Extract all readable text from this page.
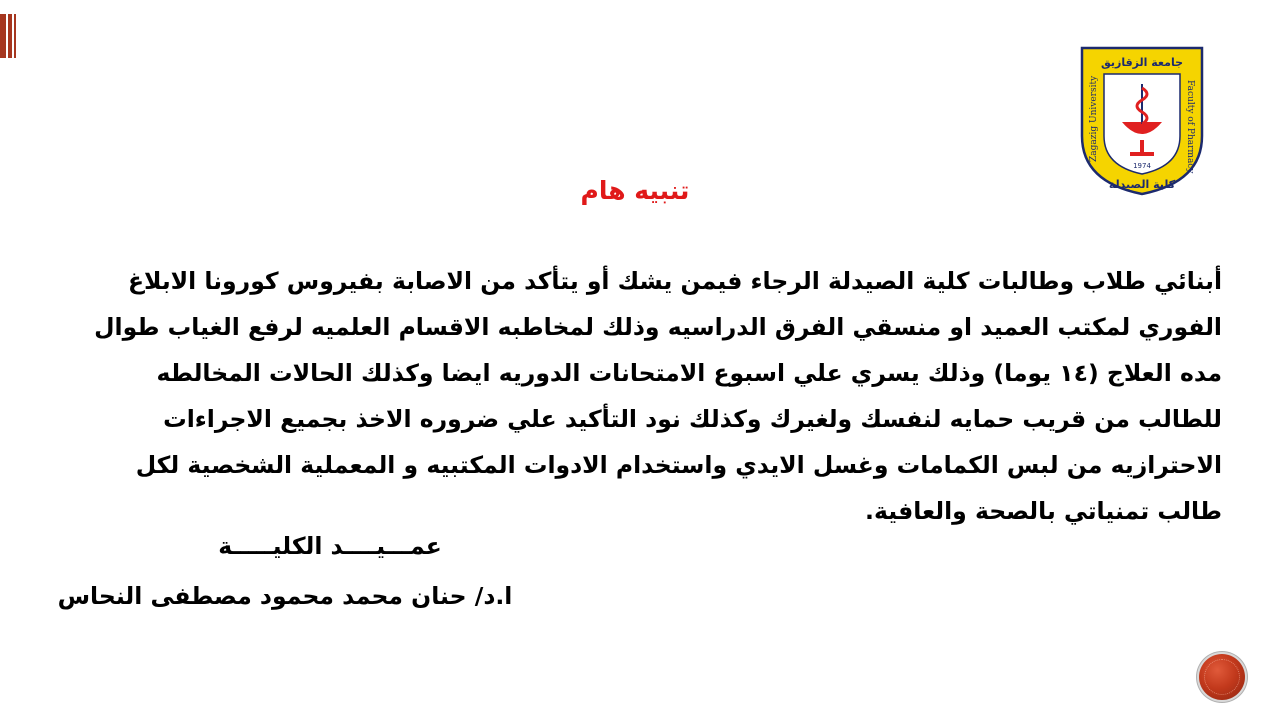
جامعة الزقازيق
Zagazig University	Faculty of Pharmacy
كلية الصيدلة
1974
تنبيه هام
أبنائي طلاب وطالبات كلية الصيدلة الرجاء فيمن يشك أو يتأكد من الاصابة بفيروس كورونا الابلاغ
الفوري لمكتب العميد او منسقي الفرق الدراسيه وذلك لمخاطبه الاقسام العلميه لرفع الغياب طوال
مده العلاج (١٤ يوما) وذلك يسري علي اسبوع الامتحانات الدوريه ايضا وكذلك الحالات المخالطه
للطالب من قريب حمايه لنفسك ولغيرك وكذلك نود التأكيد علي ضروره الاخذ بجميع الاجراءات
الاحترازيه من لبس الكمامات وغسل الايدي واستخدام الادوات المكتبيه و المعملية الشخصية لكل
طالب تمنياتي بالصحة والعافية.
عمـــيــــد الكليـــــة
ا.د/ حنان محمد محمود مصطفى النحاس
